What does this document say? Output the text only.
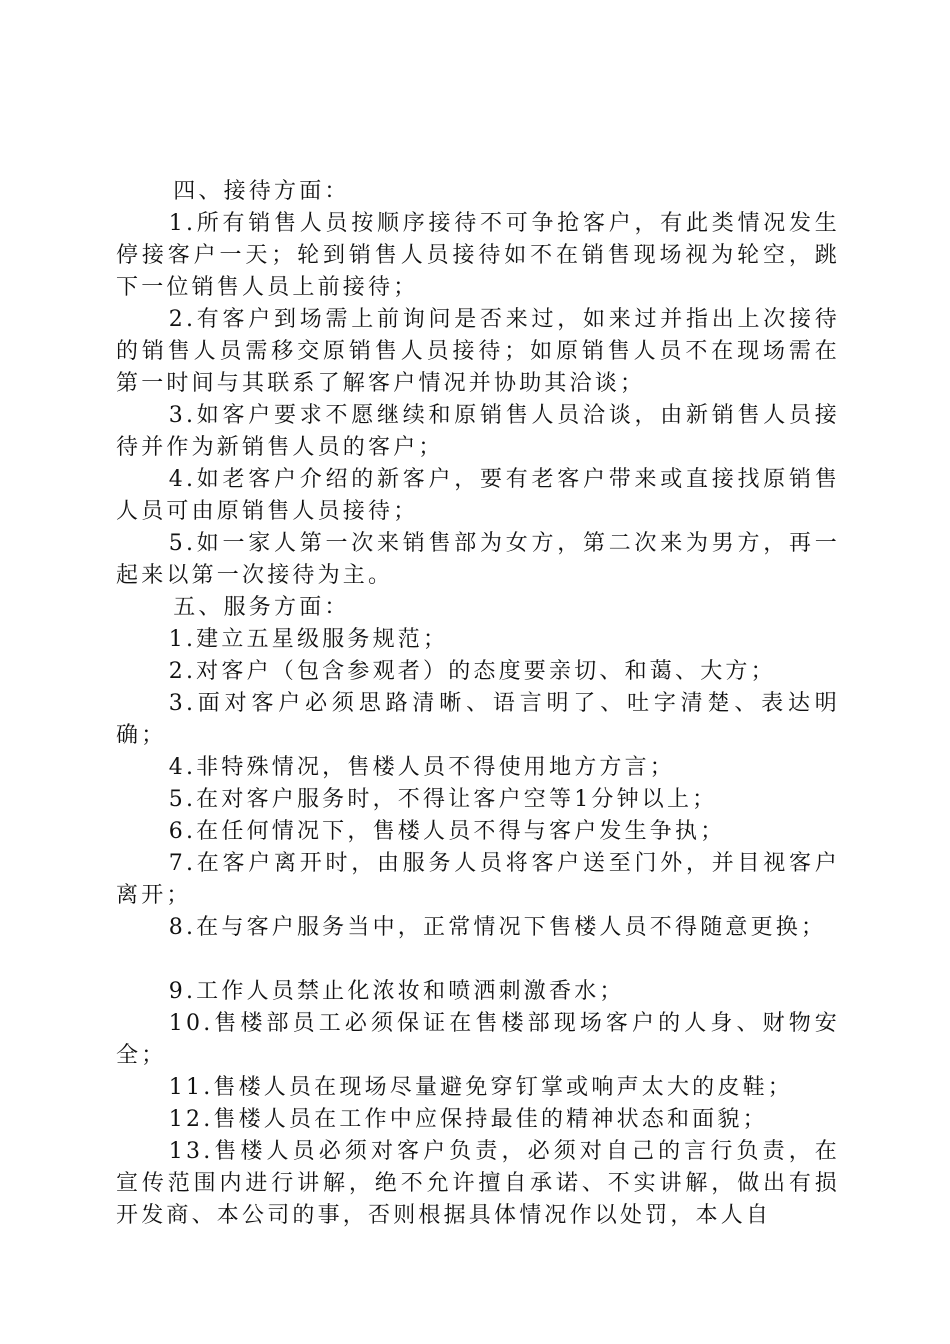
四、接待方面：

1.所有销售人员按顺序接待不可争抢客户，有此类情况发生停接客户一天；轮到销售人员接待如不在销售现场视为轮空，跳下一位销售人员上前接待；

2.有客户到场需上前询问是否来过，如来过并指出上次接待的销售人员需移交原销售人员接待；如原销售人员不在现场需在第一时间与其联系了解客户情况并协助其洽谈；

3.如客户要求不愿继续和原销售人员洽谈，由新销售人员接待并作为新销售人员的客户；

4.如老客户介绍的新客户，要有老客户带来或直接找原销售人员可由原销售人员接待；

5.如一家人第一次来销售部为女方，第二次来为男方，再一起来以第一次接待为主。

五、服务方面：

1.建立五星级服务规范；

2.对客户（包含参观者）的态度要亲切、和蔼、大方；

3.面对客户必须思路清晰、语言明了、吐字清楚、表达明确；

4.非特殊情况，售楼人员不得使用地方方言；

5.在对客户服务时，不得让客户空等1分钟以上；

6.在任何情况下，售楼人员不得与客户发生争执；

7.在客户离开时，由服务人员将客户送至门外，并目视客户离开；

8.在与客户服务当中，正常情况下售楼人员不得随意更换；

9.工作人员禁止化浓妆和喷洒刺激香水；

10.售楼部员工必须保证在售楼部现场客户的人身、财物安全；

11.售楼人员在现场尽量避免穿钉掌或响声太大的皮鞋；

12.售楼人员在工作中应保持最佳的精神状态和面貌；

13.售楼人员必须对客户负责，必须对自己的言行负责，在宣传范围内进行讲解，绝不允许擅自承诺、不实讲解，做出有损开发商、本公司的事，否则根据具体情况作以处罚，本人自
